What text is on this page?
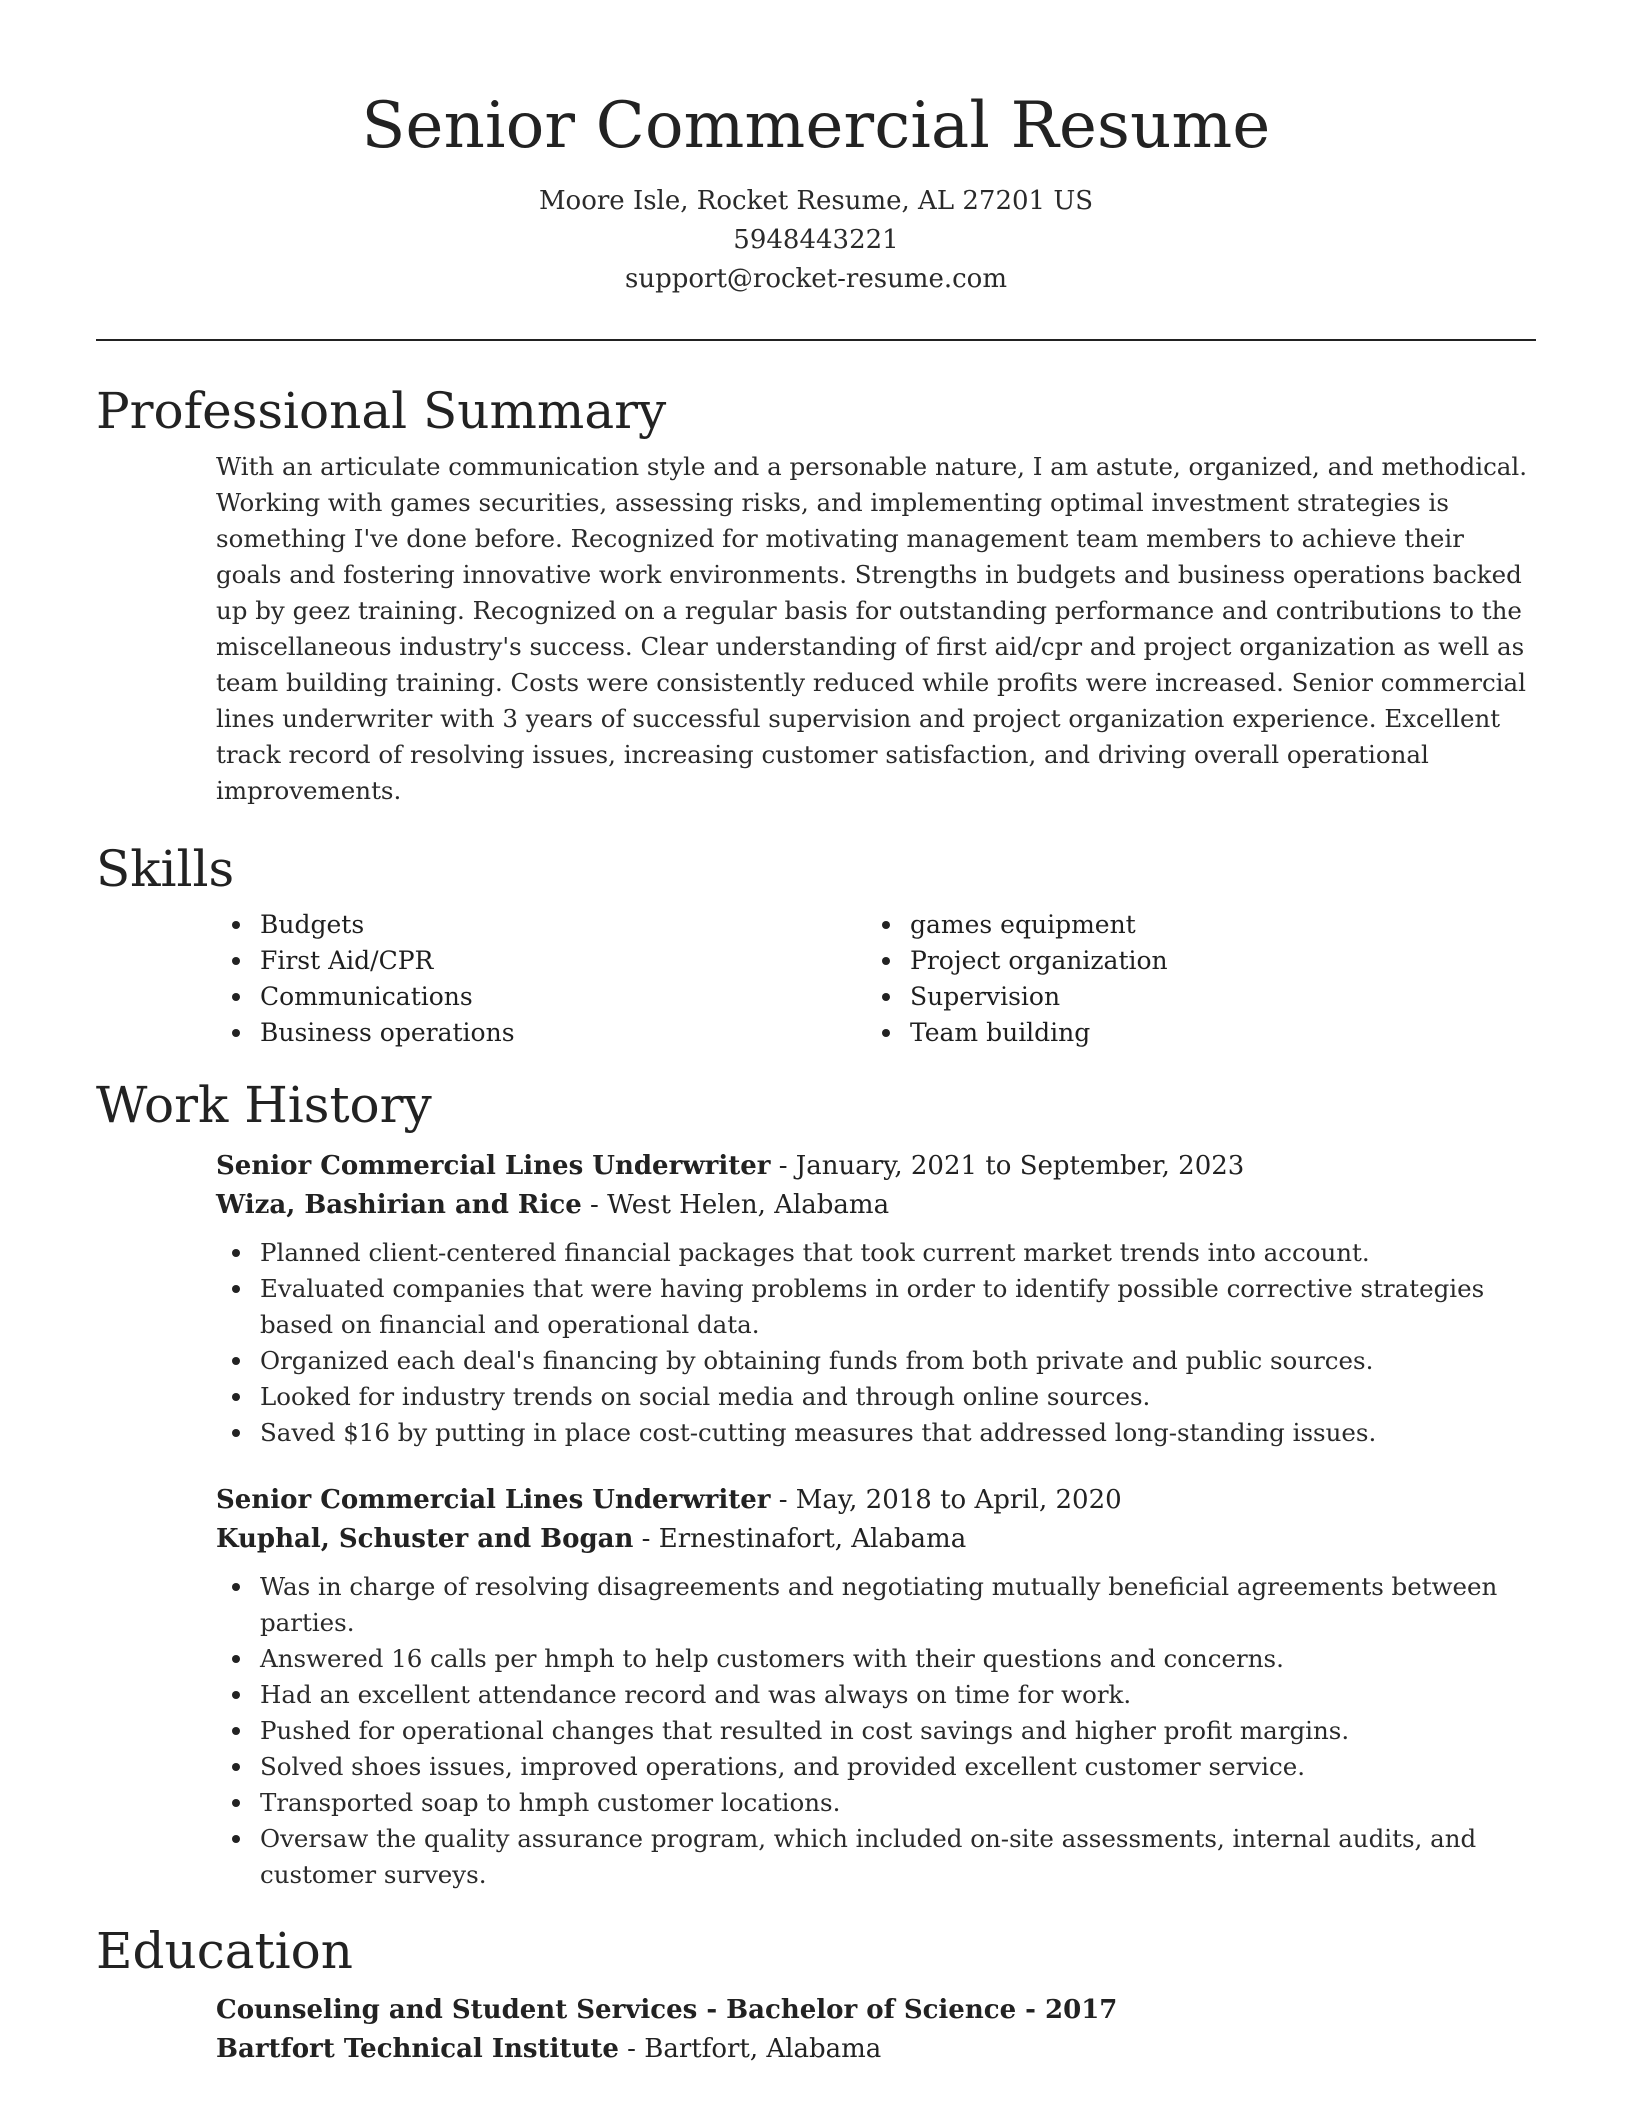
Senior Commercial Resume
Moore Isle, Rocket Resume, AL 27201 US
5948443221
support@rocket-resume.com
Professional Summary

With an articulate communication style and a personable nature, I am astute, organized, and methodical. Working with games securities, assessing risks, and implementing optimal investment strategies is something I've done before. Recognized for motivating management team members to achieve their goals and fostering innovative work environments. Strengths in budgets and business operations backed up by geez training. Recognized on a regular basis for outstanding performance and contributions to the miscellaneous industry's success. Clear understanding of first aid/cpr and project organization as well as team building training. Costs were consistently reduced while profits were increased. Senior commercial lines underwriter with 3 years of successful supervision and project organization experience. Excellent track record of resolving issues, increasing customer satisfaction, and driving overall operational improvements.

Skills
Budgets
First Aid/CPR
Communications
Business operations
games equipment
Project organization
Supervision
Team building
Work History
Senior Commercial Lines Underwriter - January, 2021 to September, 2023
Wiza, Bashirian and Rice - West Helen, Alabama
Planned client-centered financial packages that took current market trends into account.
Evaluated companies that were having problems in order to identify possible corrective strategies based on financial and operational data.
Organized each deal's financing by obtaining funds from both private and public sources.
Looked for industry trends on social media and through online sources.
Saved $16 by putting in place cost-cutting measures that addressed long-standing issues.
Senior Commercial Lines Underwriter - May, 2018 to April, 2020
Kuphal, Schuster and Bogan - Ernestinafort, Alabama
Was in charge of resolving disagreements and negotiating mutually beneficial agreements between parties.
Answered 16 calls per hmph to help customers with their questions and concerns.
Had an excellent attendance record and was always on time for work.
Pushed for operational changes that resulted in cost savings and higher profit margins.
Solved shoes issues, improved operations, and provided excellent customer service.
Transported soap to hmph customer locations.
Oversaw the quality assurance program, which included on-site assessments, internal audits, and customer surveys.
Education
Counseling and Student Services - Bachelor of Science - 2017
Bartfort Technical Institute - Bartfort, Alabama
